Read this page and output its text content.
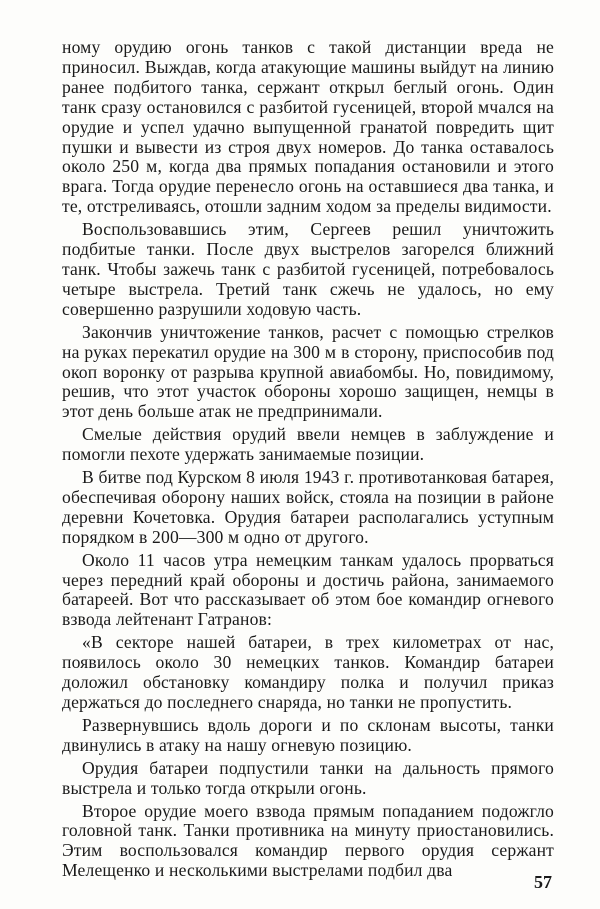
ному орудию огонь танков с такой дистанции вреда не приносил. Выждав, когда атакующие машины выйдут на линию ранее подбитого танка, сержант открыл беглый огонь. Один танк сразу остановился с разбитой гусеницей, второй мчался на орудие и успел удачно выпущенной гранатой повредить щит пушки и вывести из строя двух номеров. До танка оставалось около 250 м, когда два прямых попадания остановили и этого врага. Тогда орудие перенесло огонь на оставшиеся два танка, и те, отстреливаясь, отошли задним ходом за пределы видимости.

Воспользовавшись этим, Сергеев решил уничтожить подбитые танки. После двух выстрелов загорелся ближний танк. Чтобы зажечь танк с разбитой гусеницей, потребовалось четыре выстрела. Третий танк сжечь не удалось, но ему совершенно разрушили ходовую часть.

Закончив уничтожение танков, расчет с помощью стрелков на руках перекатил орудие на 300 м в сторону, приспособив под окоп воронку от разрыва крупной авиабомбы. Но, повидимому, решив, что этот участок обороны хорошо защищен, немцы в этот день больше атак не предпринимали.

Смелые действия орудий ввели немцев в заблуждение и помогли пехоте удержать занимаемые позиции.

В битве под Курском 8 июля 1943 г. противотанковая батарея, обеспечивая оборону наших войск, стояла на позиции в районе деревни Кочетовка. Орудия батареи располагались уступным порядком в 200—300 м одно от другого.

Около 11 часов утра немецким танкам удалось прорваться через передний край обороны и достичь района, занимаемого батареей. Вот что рассказывает об этом бое командир огневого взвода лейтенант Гатранов:

«В секторе нашей батареи, в трех километрах от нас, появилось около 30 немецких танков. Командир батареи доложил обстановку командиру полка и получил приказ держаться до последнего снаряда, но танки не пропустить.

Развернувшись вдоль дороги и по склонам высоты, танки двинулись в атаку на нашу огневую позицию.

Орудия батареи подпустили танки на дальность прямого выстрела и только тогда открыли огонь.

Второе орудие моего взвода прямым попаданием подожгло головной танк. Танки противника на минуту приостановились. Этим воспользовался командир первого орудия сержант Мелещенко и несколькими выстрелами подбил два

57
